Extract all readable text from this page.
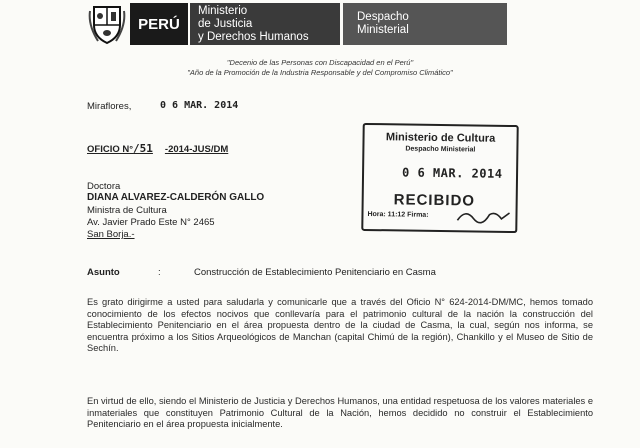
PERÚ
Ministerio
de Justicia
y Derechos Humanos
Despacho
Ministerial
"Decenio de las Personas con Discapacidad en el Perú"
"Año de la Promoción de la Industria Responsable y del Compromiso Climático"
Miraflores,	0 6 MAR. 2014
OFICIO N°/51 -2014-JUS/DM
Doctora
DIANA ALVAREZ-CALDERÓN GALLO
Ministra de Cultura
Av. Javier Prado Este N° 2465
San Borja.-
Asunto	:	Construcción de Establecimiento Penitenciario en Casma
Es grato dirigirme a usted para saludarla y comunicarle que a través del Oficio N° 624-2014-DM/MC, hemos tomado conocimiento de los efectos nocivos que conllevaría para el patrimonio cultural de la nación la construcción del Establecimiento Penitenciario en el área propuesta dentro de la ciudad de Casma, la cual, según nos informa, se encuentra próximo a los Sitios Arqueológicos de Manchan (capital Chimú de la región), Chankillo y el Museo de Sitio de Sechín.
En virtud de ello, siendo el Ministerio de Justicia y Derechos Humanos, una entidad respetuosa de los valores materiales e inmateriales que constituyen Patrimonio Cultural de la Nación, hemos decidido no construir el Establecimiento Penitenciario en el área propuesta inicialmente.
Ministerio de Cultura
Despacho Ministerial
0 6 MAR. 2014
RECIBIDO
Hora: 11:12 Firma:
